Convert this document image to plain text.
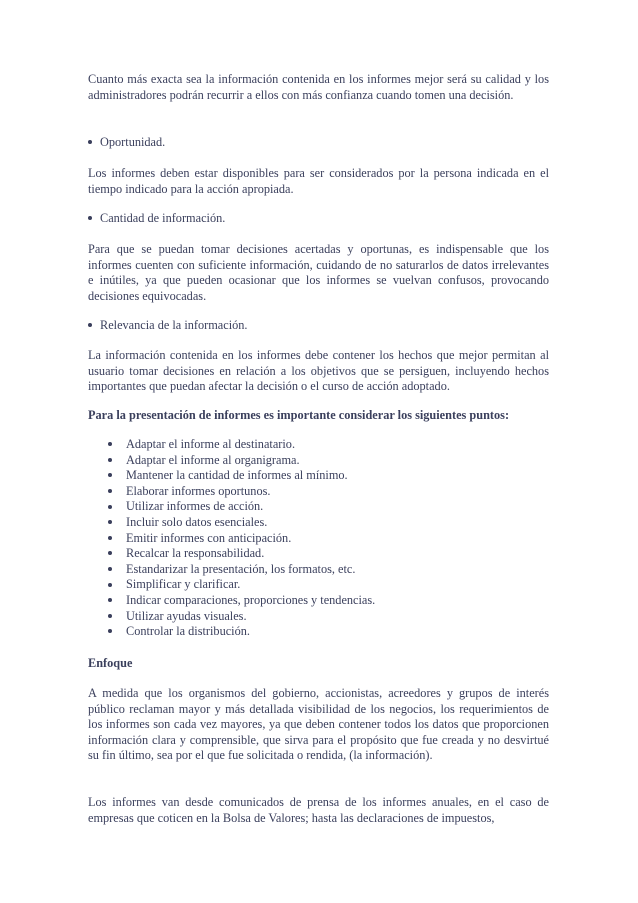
Cuanto más exacta sea la información contenida en los informes mejor será su calidad y los administradores podrán recurrir a ellos con más confianza cuando tomen una decisión.

Oportunidad.

Los informes deben estar disponibles para ser considerados por la persona indicada en el tiempo indicado para la acción apropiada.

Cantidad de información.

Para que se puedan tomar decisiones acertadas y oportunas, es indispensable que los informes cuenten con suficiente información, cuidando de no saturarlos de datos irrelevantes e inútiles, ya que pueden ocasionar que los informes se vuelvan confusos, provocando decisiones equivocadas.

Relevancia de la información.

La información contenida en los informes debe contener los hechos que mejor permitan al usuario tomar decisiones en relación a los objetivos que se persiguen, incluyendo hechos importantes que puedan afectar la decisión o el curso de acción adoptado.

Para la presentación de informes es importante considerar los siguientes puntos:

Adaptar el informe al destinatario.
Adaptar el informe al organigrama.
Mantener la cantidad de informes al mínimo.
Elaborar informes oportunos.
Utilizar informes de acción.
Incluir solo datos esenciales.
Emitir informes con anticipación.
Recalcar la responsabilidad.
Estandarizar la presentación, los formatos, etc.
Simplificar y clarificar.
Indicar comparaciones, proporciones y tendencias.
Utilizar ayudas visuales.
Controlar la distribución.

Enfoque

A medida que los organismos del gobierno, accionistas, acreedores y grupos de interés público reclaman mayor y más detallada visibilidad de los negocios, los requerimientos de los informes son cada vez mayores, ya que deben contener todos los datos que proporcionen información clara y comprensible, que sirva para el propósito que fue creada y no desvirtué su fin último, sea por el que fue solicitada o rendida, (la información).

Los informes van desde comunicados de prensa de los informes anuales, en el caso de empresas que coticen en la Bolsa de Valores; hasta las declaraciones de impuestos,
